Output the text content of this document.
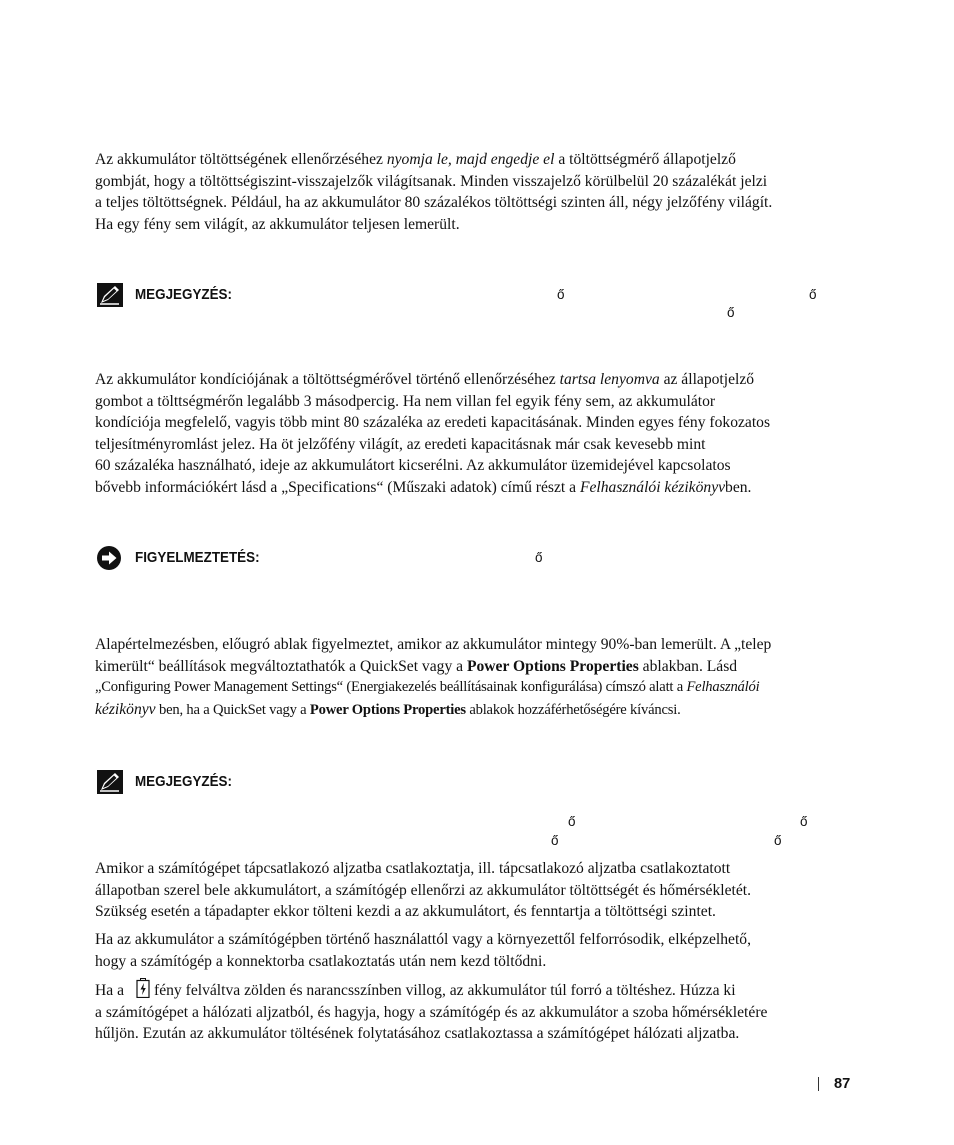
Az akkumulátor töltöttségének ellenőrzéséhez nyomja le, majd engedje el a töltöttségmérő állapotjelző
gombját, hogy a töltöttségiszint-visszajelzők világítsanak. Minden visszajelző körülbelül 20 százalékát jelzi
a teljes töltöttségnek. Például, ha az akkumulátor 80 százalékos töltöttségi szinten áll, négy jelzőfény világít.
Ha egy fény sem világít, az akkumulátor teljesen lemerült.
MEGJEGYZÉS:	ő	ő
ő
Az akkumulátor kondíciójának a töltöttségmérővel történő ellenőrzéséhez tartsa lenyomva az állapotjelző
gombot a tölttségmérőn legalább 3 másodpercig. Ha nem villan fel egyik fény sem, az akkumulátor
kondíciója megfelelő, vagyis több mint 80 százaléka az eredeti kapacitásának. Minden egyes fény fokozatos
teljesítményromlást jelez. Ha öt jelzőfény világít, az eredeti kapacitásnak már csak kevesebb mint
60 százaléka használható, ideje az akkumulátort kicserélni. Az akkumulátor üzemidejével kapcsolatos
bővebb információkért lásd a „Specifications“ (Műszaki adatok) című részt a Felhasználói kézikönyvben.
FIGYELMEZTETÉS:	ő
Alapértelmezésben, előugró ablak figyelmeztet, amikor az akkumulátor mintegy 90%-ban lemerült. A „telep
kimerült“ beállítások megváltoztathatók a QuickSet vagy a Power Options Properties ablakban. Lásd
„Configuring Power Management Settings“ (Energiakezelés beállításainak konfigurálása) címszó alatt a Felhasználói
kézikönyv ben, ha a QuickSet vagy a Power Options Properties ablakok hozzáférhetőségére kíváncsi.
MEGJEGYZÉS:
ő	ő
ő	ő
Amikor a számítógépet tápcsatlakozó aljzatba csatlakoztatja, ill. tápcsatlakozó aljzatba csatlakoztatott
állapotban szerel bele akkumulátort, a számítógép ellenőrzi az akkumulátor töltöttségét és hőmérsékletét.
Szükség esetén a tápadapter ekkor tölteni kezdi a az akkumulátort, és fenntartja a töltöttségi szintet.
Ha az akkumulátor a számítógépben történő használattól vagy a környezettől felforrósodik, elképzelhető,
hogy a számítógép a konnektorba csatlakoztatás után nem kezd töltődni.
Ha a fény felváltva zölden és narancsszínben villog, az akkumulátor túl forró a töltéshez. Húzza ki
a számítógépet a hálózati aljzatból, és hagyja, hogy a számítógép és az akkumulátor a szoba hőmérsékletére
hűljön. Ezután az akkumulátor töltésének folytatásához csatlakoztassa a számítógépet hálózati aljzatba.
87
